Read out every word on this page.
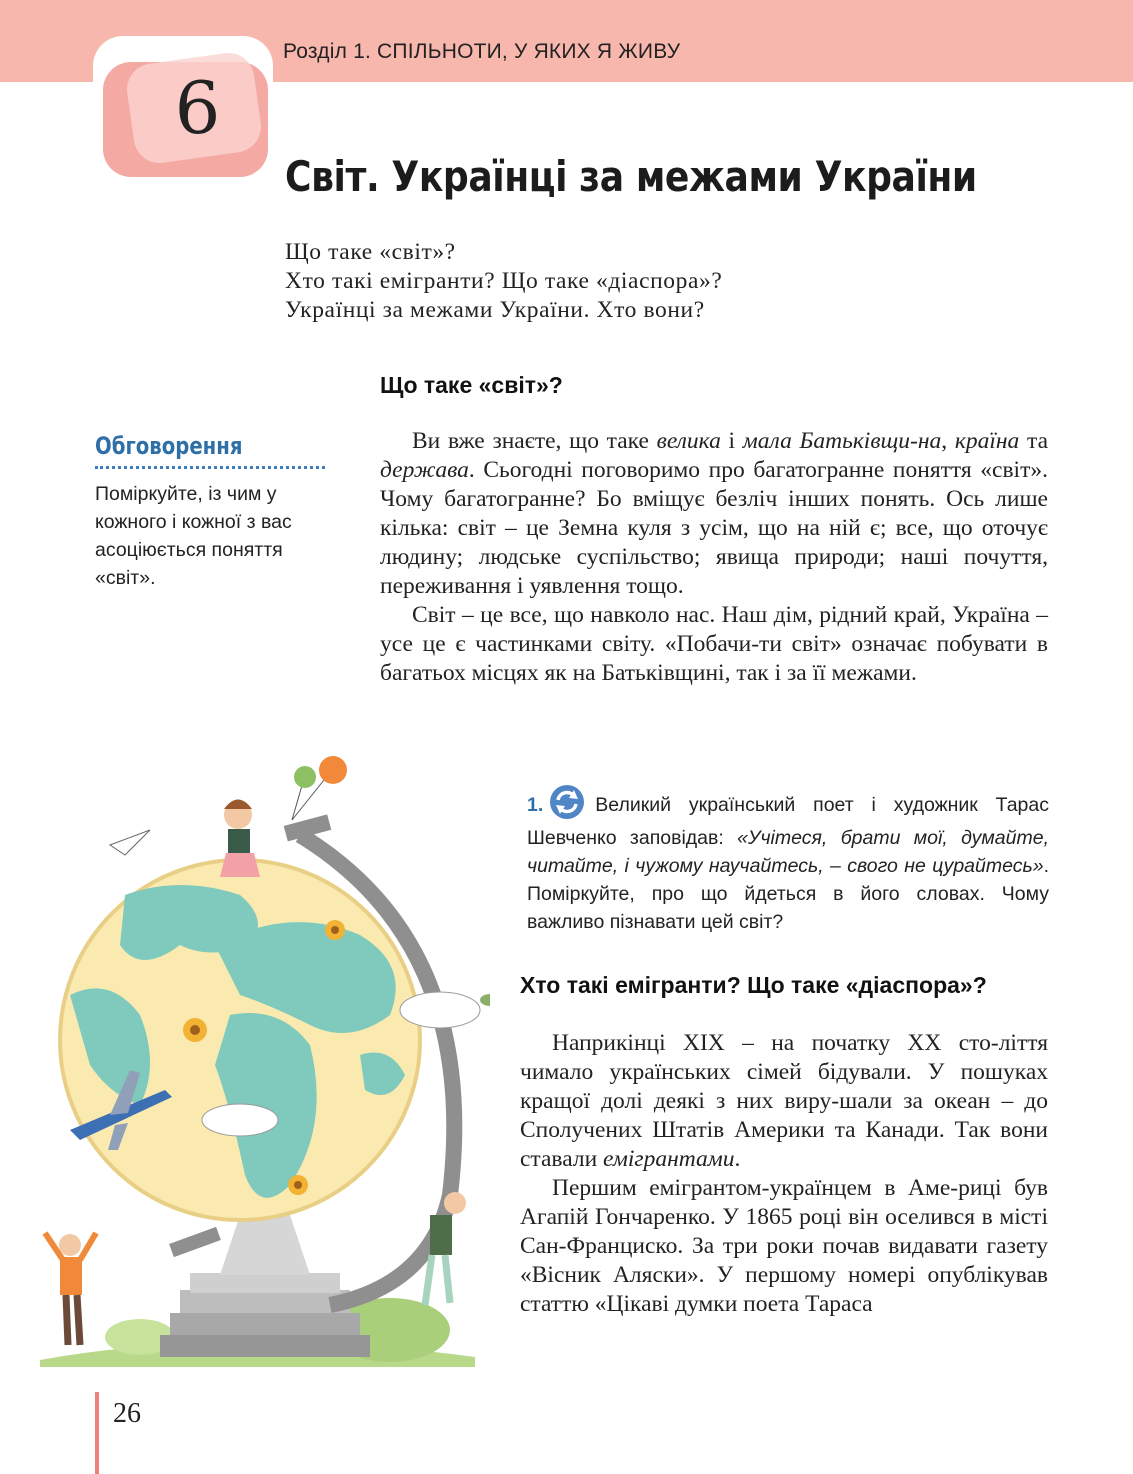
Розділ 1. СПІЛЬНОТИ, У ЯКИХ Я ЖИВУ
6
Світ. Українці за межами України
Що таке «світ»?
Хто такі емігранти? Що таке «діаспора»?
Українці за межами України. Хто вони?
Що таке «світ»?

Ви вже знаєте, що таке велика і мала Батьківщи-на, країна та держава. Сьогодні поговоримо про багатогранне поняття «світ». Чому багатогранне? Бо вміщує безліч інших понять. Ось лише кілька: світ – це Земна куля з усім, що на ній є; все, що оточує людину; людське суспільство; явища природи; наші почуття, переживання і уявлення тощо.

Світ – це все, що навколо нас. Наш дім, рідний край, Україна – усе це є частинками світу. «Побачи-ти світ» означає побувати в багатьох місцях як на Батьківщині, так і за її межами.

Обговорення
Поміркуйте, із чим у кожного і кожної з вас асоціюється поняття «світ».
1.	Великий український поет і художник Тарас Шевченко заповідав: «Учітеся, брати мої, думайте, читайте, і чужому научайтесь, – свого не цурайтесь». Поміркуйте, про що йдеться в його словах. Чому важливо пізнавати цей світ?
Хто такі емігранти? Що таке «діаспора»?

Наприкінці XIX – на початку XX сто-ліття чимало українських сімей бідували. У пошуках кращої долі деякі з них виру-шали за океан – до Сполучених Штатів Америки та Канади. Так вони ставали емігрантами.

Першим емігрантом-українцем в Аме-риці був Агапій Гончаренко. У 1865 році він оселився в місті Сан-Франциско. За три роки почав видавати газету «Вісник Аляски». У першому номері опублікував статтю «Цікаві думки поета Тараса

26
